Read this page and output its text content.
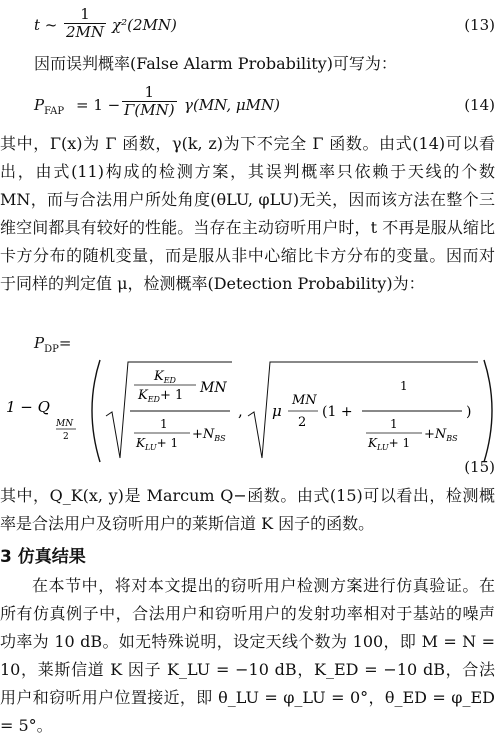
t ~ $\frac{1}{2MN} \chi^2(2MN)$	(13)
因而误判概率(False Alarm Probability)可写为：
$P_{FAP} = 1 - \frac{1}{\Gamma(MN)} \gamma(MN$, μMN)	(14)
其中，Γ(x)为 Γ 函数，γ(k, z)为下不完全 Γ 函数。由式(14)可以看出，由式(11)构成的检测方案，其误判概率只依赖于天线的个数 MN，而与合法用户所处角度(θLU, φLU)无关，因而该方法在整个三维空间都具有较好的性能。当存在主动窃听用户时，t 不再是服从缩比卡方分布的随机变量，而是服从非中心缩比卡方分布的变量。因而对于同样的判定值 μ，检测概率(Detection Probability)为：
$P_{DP}=$
1 − Q
MN
2
$K_{ED}$
$K_{ED}+ 1$ MN
1
$K_{LU}+ 1$
$+N_{BS}$
, μ
MN
2
(1 +
1
1
$K_{LU}+ 1$
$+N_{BS}$
)
(15)
其中，Q_K(x, y)是 Marcum Q−函数。由式(15)可以看出，检测概率是合法用户及窃听用户的莱斯信道 K 因子的函数。
3 仿真结果
在本节中，将对本文提出的窃听用户检测方案进行仿真验证。在所有仿真例子中，合法用户和窃听用户的发射功率相对于基站的噪声功率为 10 dB。如无特殊说明，设定天线个数为 100，即 M = N = 10，莱斯信道 K 因子 K_LU = −10 dB，K_ED = −10 dB，合法用户和窃听用户位置接近，即 θ_LU = φ_LU = 0°，θ_ED = φ_ED = 5°。
